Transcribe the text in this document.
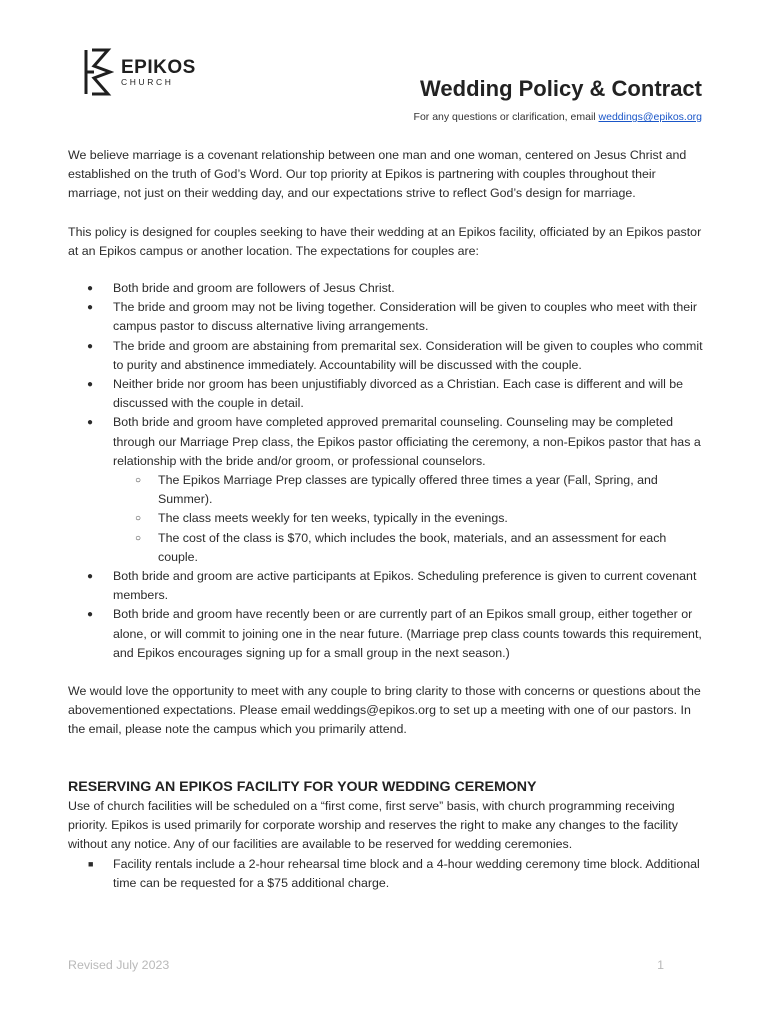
EPIKOS
CHURCH	Wedding Policy & Contract
For any questions or clarification, email weddings@epikos.org

We believe marriage is a covenant relationship between one man and one woman, centered on Jesus Christ and established on the truth of God’s Word. Our top priority at Epikos is partnering with couples throughout their marriage, not just on their wedding day, and our expectations strive to reflect God’s design for marriage.

This policy is designed for couples seeking to have their wedding at an Epikos facility, officiated by an Epikos pastor at an Epikos campus or another location. The expectations for couples are:

● Both bride and groom are followers of Jesus Christ.
● The bride and groom may not be living together. Consideration will be given to couples who meet with their campus pastor to discuss alternative living arrangements.
● The bride and groom are abstaining from premarital sex. Consideration will be given to couples who commit to purity and abstinence immediately. Accountability will be discussed with the couple.
● Neither bride nor groom has been unjustifiably divorced as a Christian. Each case is different and will be discussed with the couple in detail.
● Both bride and groom have completed approved premarital counseling. Counseling may be completed through our Marriage Prep class, the Epikos pastor officiating the ceremony, a non-Epikos pastor that has a relationship with the bride and/or groom, or professional counselors.
○ The Epikos Marriage Prep classes are typically offered three times a year (Fall, Spring, and Summer).
○ The class meets weekly for ten weeks, typically in the evenings.
○ The cost of the class is $70, which includes the book, materials, and an assessment for each couple.
● Both bride and groom are active participants at Epikos. Scheduling preference is given to current covenant members.
● Both bride and groom have recently been or are currently part of an Epikos small group, either together or alone, or will commit to joining one in the near future. (Marriage prep class counts towards this requirement, and Epikos encourages signing up for a small group in the next season.)

We would love the opportunity to meet with any couple to bring clarity to those with concerns or questions about the abovementioned expectations. Please email weddings@epikos.org to set up a meeting with one of our pastors. In the email, please note the campus which you primarily attend.

RESERVING AN EPIKOS FACILITY FOR YOUR WEDDING CEREMONY

Use of church facilities will be scheduled on a “first come, first serve” basis, with church programming receiving priority. Epikos is used primarily for corporate worship and reserves the right to make any changes to the facility without any notice. Any of our facilities are available to be reserved for wedding ceremonies.

■ Facility rentals include a 2-hour rehearsal time block and a 4-hour wedding ceremony time block. Additional time can be requested for a $75 additional charge.
Revised July 2023	1
